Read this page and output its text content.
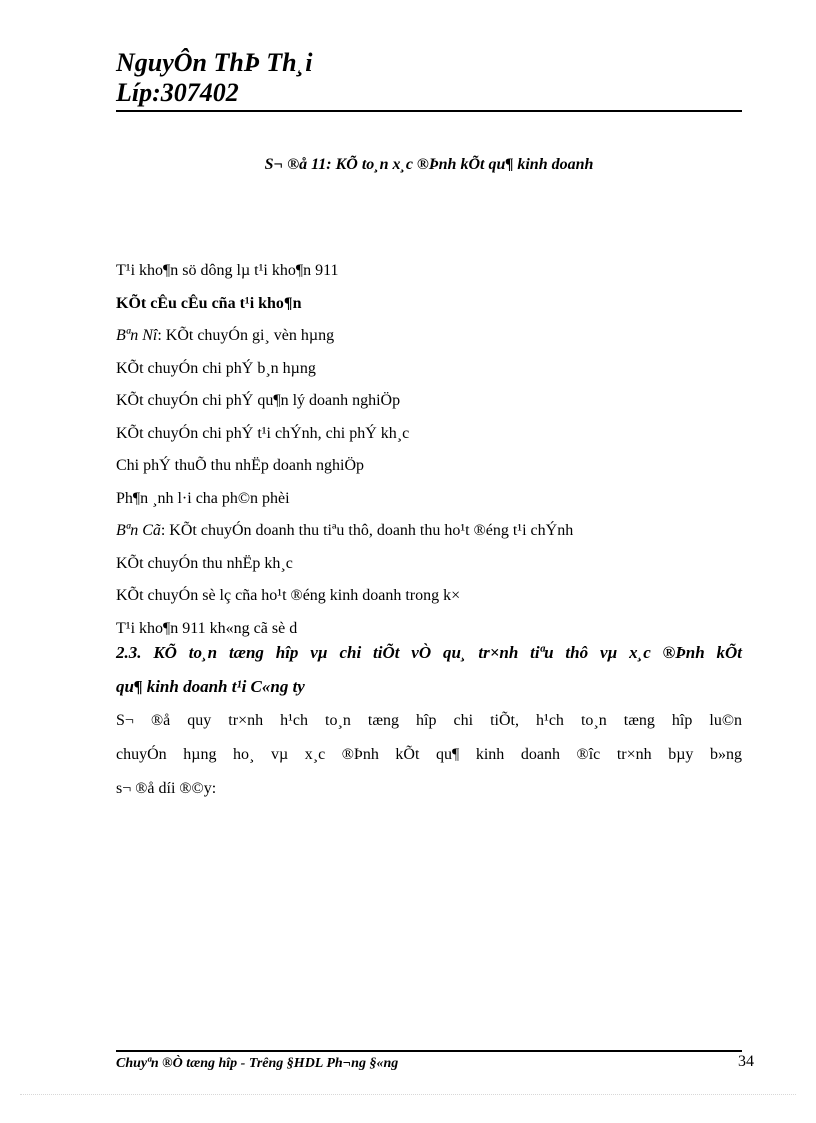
NguyÔn ThÞ Th¸i
Líp:307402
S¬ ®å 11: KÕ to¸n x¸c ®Þnh kÕt qu¶ kinh doanh
T¹i kho¶n sö dông lµ t¹i kho¶n 911
KÕt cÊu cÊu cña t¹i kho¶n
Bªn Nî: KÕt chuyÓn gi¸ vèn hµng
KÕt chuyÓn chi phÝ b¸n hµng
KÕt chuyÓn chi phÝ qu¶n lý doanh nghiÖp
KÕt chuyÓn chi phÝ t¹i chÝnh, chi phÝ kh¸c
Chi phÝ thuÕ thu nhËp doanh nghiÖp
Ph¶n ¸nh l·i cha ph©n phèi
Bªn Cã: KÕt chuyÓn doanh thu tiªu thô, doanh thu ho¹t ®éng t¹i chÝnh
KÕt chuyÓn thu nhËp kh¸c
KÕt chuyÓn sè lç cña ho¹t ®éng kinh doanh trong k×
T¹i kho¶n 911 kh«ng cã sè d
2.3. KÕ to¸n tæng hîp vµ chi tiÕt vÒ qu¸ tr×nh tiªu thô vµ x¸c ®Þnh kÕt
qu¶ kinh doanh t¹i C«ng ty
S¬ ®å quy tr×nh h¹ch to¸n tæng hîp chi tiÕt, h¹ch to¸n tæng hîp lu©n
chuyÓn hµng ho¸ vµ x¸c ®Þnh kÕt qu¶ kinh doanh ®îc tr×nh bµy b»ng
s¬ ®å díi ®©y:
Chuyªn ®Ò tæng hîp - Trêng §HDL Ph¬ng §«ng	34
